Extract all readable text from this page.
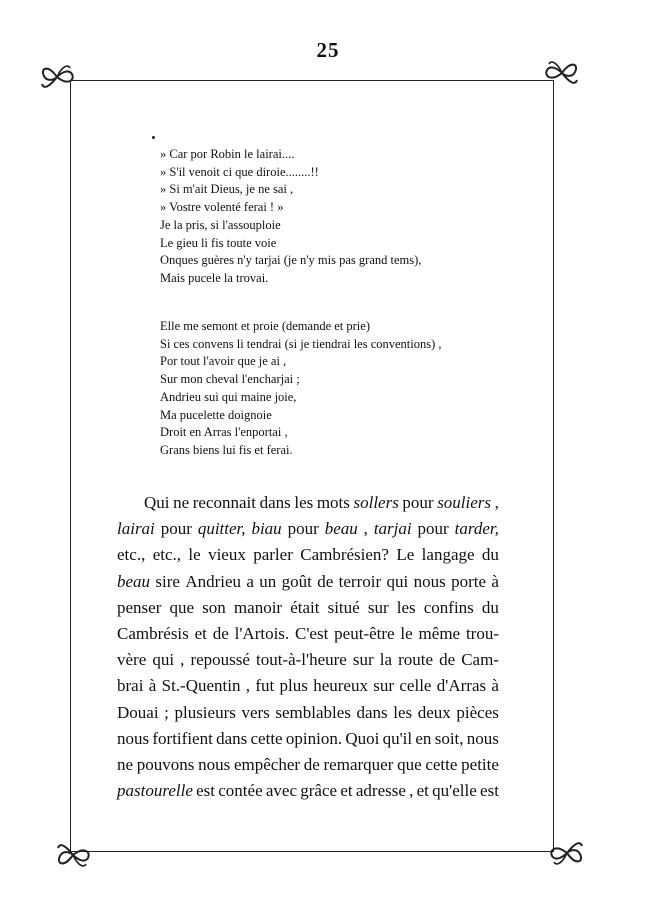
25
» Car por Robin le lairai....
» S'il venoit ci que diroie........!!
» Si m'ait Dieus, je ne sai ,
» Vostre volenté ferai ! »
Je la pris, si l'assouploie
Le gieu li fis toute voie
Onques guères n'y tarjai (je n'y mis pas grand tems),
Mais pucele la trovai.
Elle me semont et proie (demande et prie)
Si ces convens li tendrai (si je tiendrai les conventions) ,
Por tout l'avoir que je ai ,
Sur mon cheval l'encharjai ;
Andrieu sui qui maine joie,
Ma pucelette doignoie
Droit en Arras l'enportai ,
Grans biens lui fis et ferai.
Qui ne reconnait dans les mots sollers pour souliers ,
lairai pour quitter, biau pour beau , tarjai pour tarder,
etc., etc., le vieux parler Cambrésien? Le langage du
beau sire Andrieu a un goût de terroir qui nous porte à
penser que son manoir était situé sur les confins du
Cambrésis et de l'Artois. C'est peut-être le même trou-
vère qui , repoussé tout-à-l'heure sur la route de Cam-
brai à St.-Quentin , fut plus heureux sur celle d'Arras à
Douai ; plusieurs vers semblables dans les deux pièces
nous fortifient dans cette opinion. Quoi qu'il en soit, nous
ne pouvons nous empêcher de remarquer que cette petite
pastourelle est contée avec grâce et adresse , et qu'elle est
